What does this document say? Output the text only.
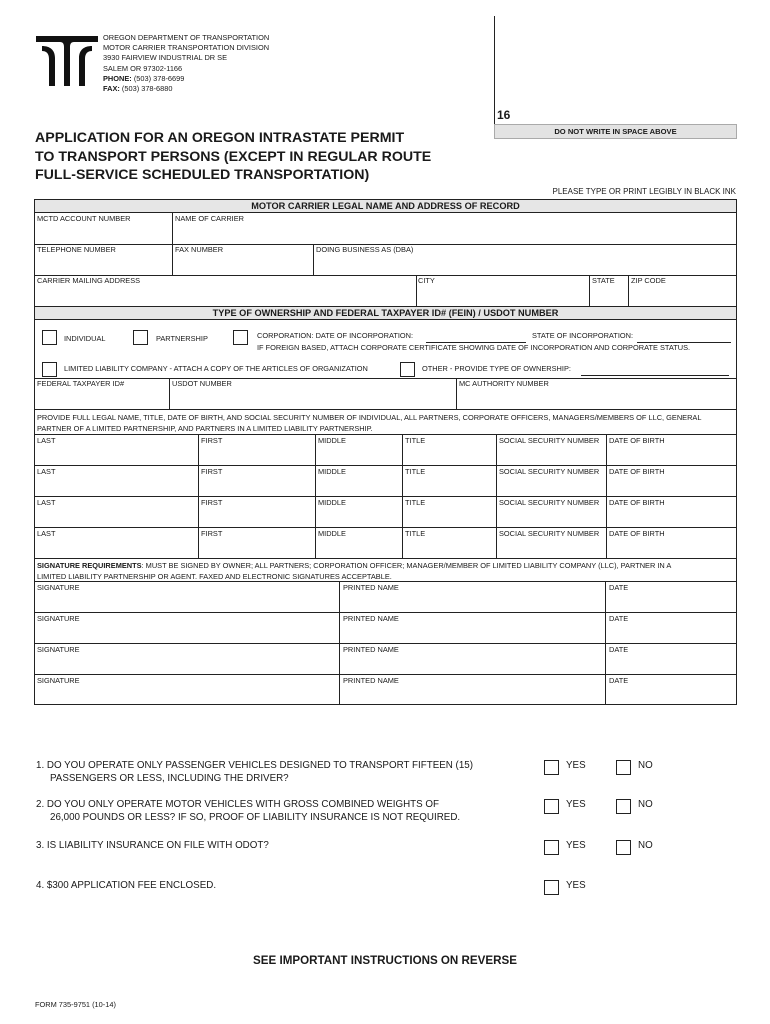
OREGON DEPARTMENT OF TRANSPORTATION
MOTOR CARRIER TRANSPORTATION DIVISION
3930 FAIRVIEW INDUSTRIAL DR SE
SALEM OR 97302-1166
PHONE: (503) 378-6699
FAX: (503) 378-6880
16
DO NOT WRITE IN SPACE ABOVE
APPLICATION FOR AN OREGON INTRASTATE PERMIT
TO TRANSPORT PERSONS (EXCEPT IN REGULAR ROUTE
FULL-SERVICE SCHEDULED TRANSPORTATION)
PLEASE TYPE OR PRINT LEGIBLY IN BLACK INK
MOTOR CARRIER LEGAL NAME AND ADDRESS OF RECORD
MCTD ACCOUNT NUMBER	NAME OF CARRIER
TELEPHONE NUMBER	FAX NUMBER	DOING BUSINESS AS (DBA)
CARRIER MAILING ADDRESS	CITY	STATE ZIP CODE
TYPE OF OWNERSHIP AND FEDERAL TAXPAYER ID# (FEIN) / USDOT NUMBER
INDIVIDUAL	PARTNERSHIP	CORPORATION: DATE OF INCORPORATION:	STATE OF INCORPORATION:
IF FOREIGN BASED, ATTACH CORPORATE CERTIFICATE SHOWING DATE OF INCORPORATION AND CORPORATE STATUS.
LIMITED LIABILITY COMPANY - ATTACH A COPY OF THE ARTICLES OF ORGANIZATION	OTHER - PROVIDE TYPE OF OWNERSHIP:
FEDERAL TAXPAYER ID#	USDOT NUMBER	MC AUTHORITY NUMBER
PROVIDE FULL LEGAL NAME, TITLE, DATE OF BIRTH, AND SOCIAL SECURITY NUMBER OF INDIVIDUAL, ALL PARTNERS, CORPORATE OFFICERS, MANAGERS/MEMBERS OF LLC, GENERAL
PARTNER OF A LIMITED PARTNERSHIP, AND PARTNERS IN A LIMITED LIABILITY PARTNERSHIP.
LAST	FIRST	MIDDLE	TITLE	SOCIAL SECURITY NUMBER DATE OF BIRTH
LAST	FIRST	MIDDLE	TITLE	SOCIAL SECURITY NUMBER DATE OF BIRTH
LAST	FIRST	MIDDLE	TITLE	SOCIAL SECURITY NUMBER DATE OF BIRTH
LAST	FIRST	MIDDLE	TITLE	SOCIAL SECURITY NUMBER DATE OF BIRTH
SIGNATURE REQUIREMENTS: MUST BE SIGNED BY OWNER; ALL PARTNERS; CORPORATION OFFICER; MANAGER/MEMBER OF LIMITED LIABILITY COMPANY (LLC), PARTNER IN A
LIMITED LIABILITY PARTNERSHIP OR AGENT. FAXED AND ELECTRONIC SIGNATURES ACCEPTABLE.
SIGNATURE	PRINTED NAME	DATE
SIGNATURE	PRINTED NAME	DATE
SIGNATURE	PRINTED NAME	DATE
SIGNATURE	PRINTED NAME	DATE
1. DO YOU OPERATE ONLY PASSENGER VEHICLES DESIGNED TO TRANSPORT FIFTEEN (15)
PASSENGERS OR LESS, INCLUDING THE DRIVER?
YES	NO
2. DO YOU ONLY OPERATE MOTOR VEHICLES WITH GROSS COMBINED WEIGHTS OF
26,000 POUNDS OR LESS? IF SO, PROOF OF LIABILITY INSURANCE IS NOT REQUIRED.
YES	NO
3. IS LIABILITY INSURANCE ON FILE WITH ODOT?	YES	NO
4. $300 APPLICATION FEE ENCLOSED.	YES
SEE IMPORTANT INSTRUCTIONS ON REVERSE
FORM 735-9751 (10-14)
